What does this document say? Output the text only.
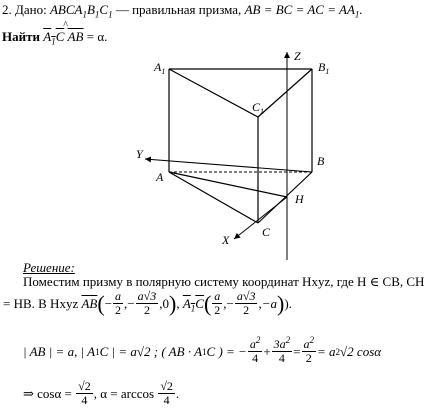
2. Дано: $ABCA_1B_1C_1$ — правильная призма, AB = BC = AC = $AA_1$.
Найти
^
$A_1C$ $\overline{AB} = \alpha$.
$A_1$	$B_1$
$C_1$
A
B
C
H
X
Y
Z
Решение:
Поместим призму в полярную систему координат Hxyz, где H ∈ CB, CH
= HB. В Hxyz
$\overline{AB}$ ( − $\frac{a}{2}$ , − $\frac{a√3}{2}$ , 0 ) ,
$A_1C$ ( $\frac{a}{2}$ , − $\frac{a√3}{2}$ , −a ) ).
| AB | = a, | A 1 C | = a√2 ; ( AB · A 1 C ) = − $\frac{a^2}{4} + \frac{3a^2}{4} = \frac{a^2}{2} = a$ 2 √2 cosα
⇒ cosα =
$\frac{√2}{4}$ , α = arccos
$\frac{√2}{4}$ .
